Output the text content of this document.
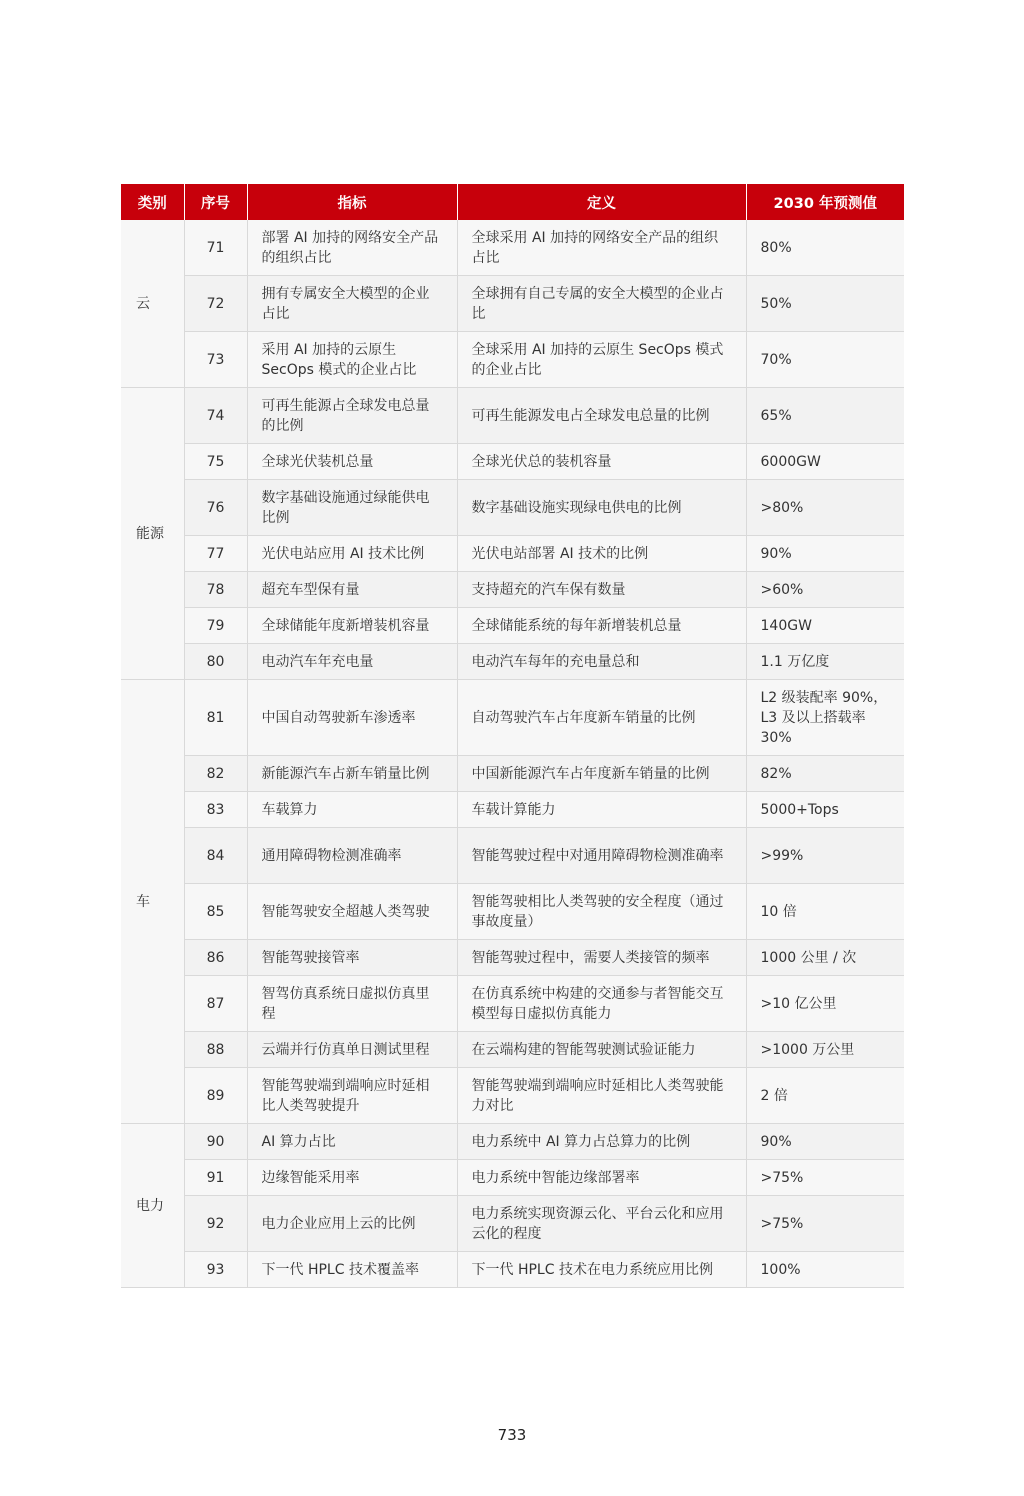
类别	序号	指标	定义	2030 年预测值
云	71	部署 AI 加持的网络安全产品的组织占比	全球采用 AI 加持的网络安全产品的组织占比	80%
	72	拥有专属安全大模型的企业占比	全球拥有自己专属的安全大模型的企业占比	50%
	73	采用 AI 加持的云原生 SecOps 模式的企业占比	全球采用 AI 加持的云原生 SecOps 模式的企业占比	70%
能源	74	可再生能源占全球发电总量的比例	可再生能源发电占全球发电总量的比例	65%
	75	全球光伏装机总量	全球光伏总的装机容量	6000GW
	76	数字基础设施通过绿能供电比例	数字基础设施实现绿电供电的比例	>80%
	77	光伏电站应用 AI 技术比例	光伏电站部署 AI 技术的比例	90%
	78	超充车型保有量	支持超充的汽车保有数量	>60%
	79	全球储能年度新增装机容量	全球储能系统的每年新增装机总量	140GW
	80	电动汽车年充电量	电动汽车每年的充电量总和	1.1 万亿度
车	81	中国自动驾驶新车渗透率	自动驾驶汽车占年度新车销量的比例	L2 级装配率 90%，L3 及以上搭载率 30%
	82	新能源汽车占新车销量比例	中国新能源汽车占年度新车销量的比例	82%
	83	车载算力	车载计算能力	5000+Tops
	84	通用障碍物检测准确率	智能驾驶过程中对通用障碍物检测准确率	>99%
	85	智能驾驶安全超越人类驾驶	智能驾驶相比人类驾驶的安全程度（通过事故度量）	10 倍
	86	智能驾驶接管率	智能驾驶过程中，需要人类接管的频率	1000 公里 / 次
	87	智驾仿真系统日虚拟仿真里程	在仿真系统中构建的交通参与者智能交互模型每日虚拟仿真能力	>10 亿公里
	88	云端并行仿真单日测试里程	在云端构建的智能驾驶测试验证能力	>1000 万公里
	89	智能驾驶端到端响应时延相比人类驾驶提升	智能驾驶端到端响应时延相比人类驾驶能力对比	2 倍
电力	90	AI 算力占比	电力系统中 AI 算力占总算力的比例	90%
	91	边缘智能采用率	电力系统中智能边缘部署率	>75%
	92	电力企业应用上云的比例	电力系统实现资源云化、平台云化和应用云化的程度	>75%
	93	下一代 HPLC 技术覆盖率	下一代 HPLC 技术在电力系统应用比例	100%
733
